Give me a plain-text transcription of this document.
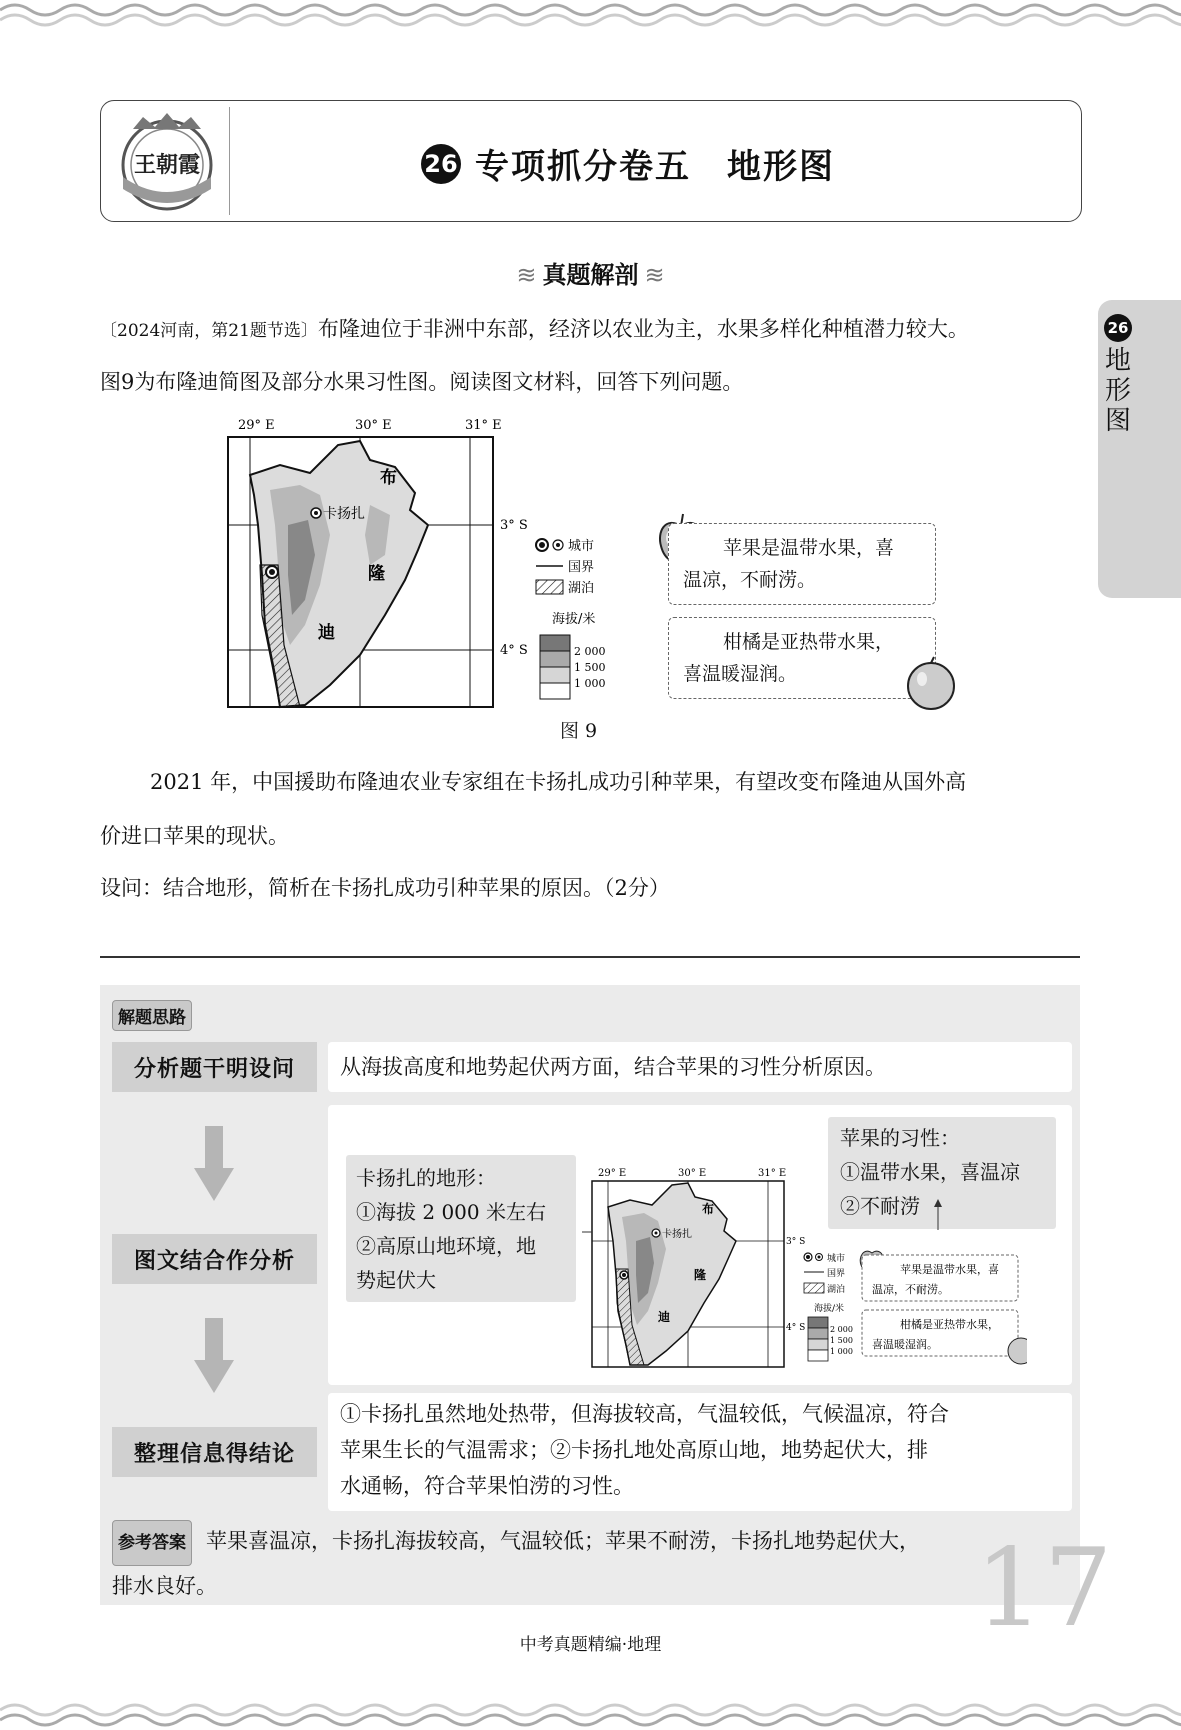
王朝霞	26 专项抓分卷五　地形图
26
地形图
≋ 真题解剖 ≋
〔2024河南，第21题节选〕布隆迪位于非洲中东部，经济以农业为主，水果多样化种植潜力较大。
图9为布隆迪简图及部分水果习性图。阅读图文材料，回答下列问题。
29° E	30° E	31° E
3° S
4° S
卡扬扎
布
隆
迪
城市
国界
湖泊
海拔/米
2 000
1 500
1 000
苹果是温带水果，喜
温凉，不耐涝。
柑橘是亚热带水果，
喜温暖湿润。
图 9
2021 年，中国援助布隆迪农业专家组在卡扬扎成功引种苹果，有望改变布隆迪从国外高
价进口苹果的现状。
设问：结合地形，简析在卡扬扎成功引种苹果的原因。（2分）
解题思路
分析题干明设问	从海拔高度和地势起伏两方面，结合苹果的习性分析原因。
图文结合作分析
卡扬扎的地形：
①海拔 2 000 米左右
②高原山地环境，地
势起伏大
苹果的习性：
①温带水果，喜温凉
②不耐涝
29° E	30° E	31° E
3° S
4° S
卡扬扎
布
隆
迪
城市
国界
湖泊
海拔/米
2 000
1 500
1 000
苹果是温带水果，喜
温凉，不耐涝。
柑橘是亚热带水果，
喜温暖湿润。
整理信息得结论
①卡扬扎虽然地处热带，但海拔较高，气温较低，气候温凉，符合
苹果生长的气温需求；②卡扬扎地处高原山地，地势起伏大，排
水通畅，符合苹果怕涝的习性。
参考答案 苹果喜温凉，卡扬扎海拔较高，气温较低；苹果不耐涝，卡扬扎地势起伏大，
排水良好。	17
中考真题精编·地理
